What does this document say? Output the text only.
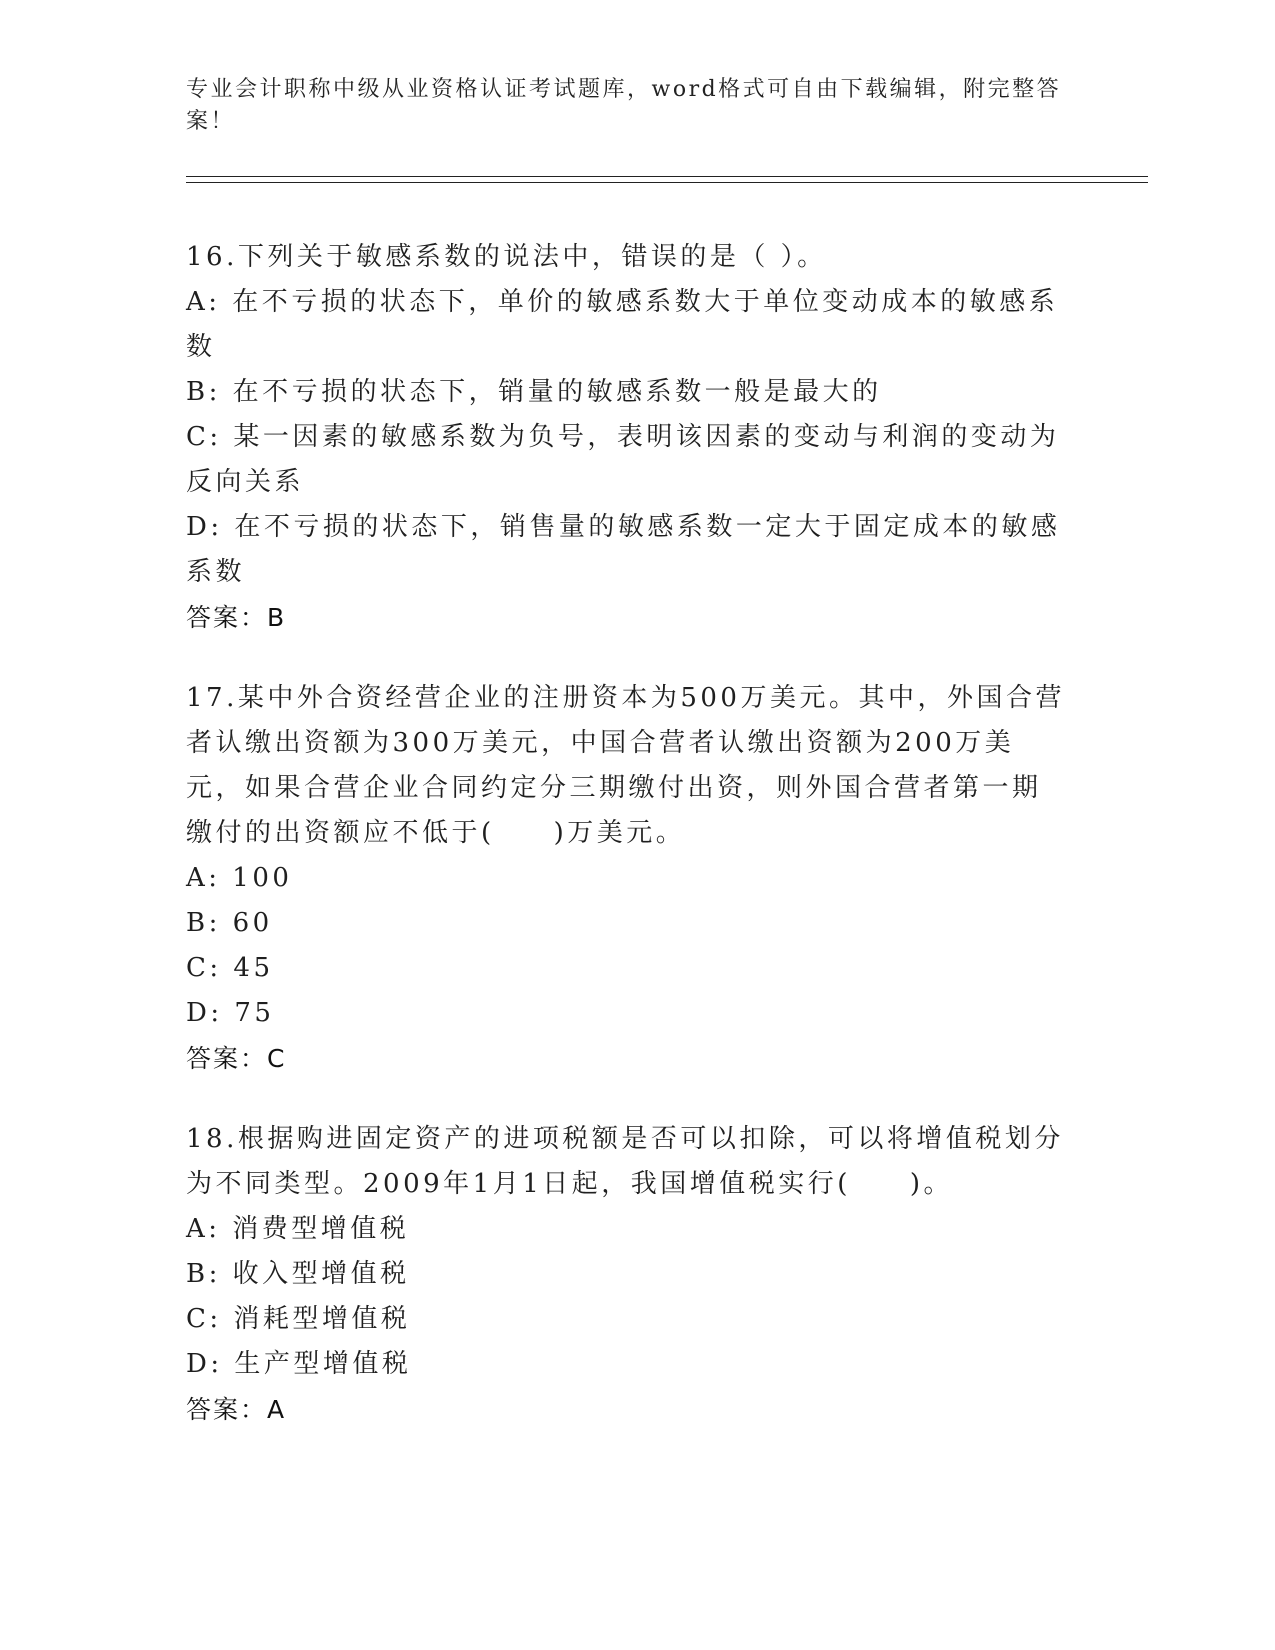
专业会计职称中级从业资格认证考试题库，word格式可自由下载编辑，附完整答案！
16.下列关于敏感系数的说法中，错误的是（ ）。
A: 在不亏损的状态下，单价的敏感系数大于单位变动成本的敏感系数
B: 在不亏损的状态下，销量的敏感系数一般是最大的
C: 某一因素的敏感系数为负号，表明该因素的变动与利润的变动为反向关系
D: 在不亏损的状态下，销售量的敏感系数一定大于固定成本的敏感系数
答案：B
17.某中外合资经营企业的注册资本为500万美元。其中，外国合营者认缴出资额为300万美元，中国合营者认缴出资额为200万美元，如果合营企业合同约定分三期缴付出资，则外国合营者第一期缴付的出资额应不低于(　　)万美元。
A: 100
B: 60
C: 45
D: 75
答案：C
18.根据购进固定资产的进项税额是否可以扣除，可以将增值税划分为不同类型。2009年1月1日起，我国增值税实行(　　)。
A: 消费型增值税
B: 收入型增值税
C: 消耗型增值税
D: 生产型增值税
答案：A
